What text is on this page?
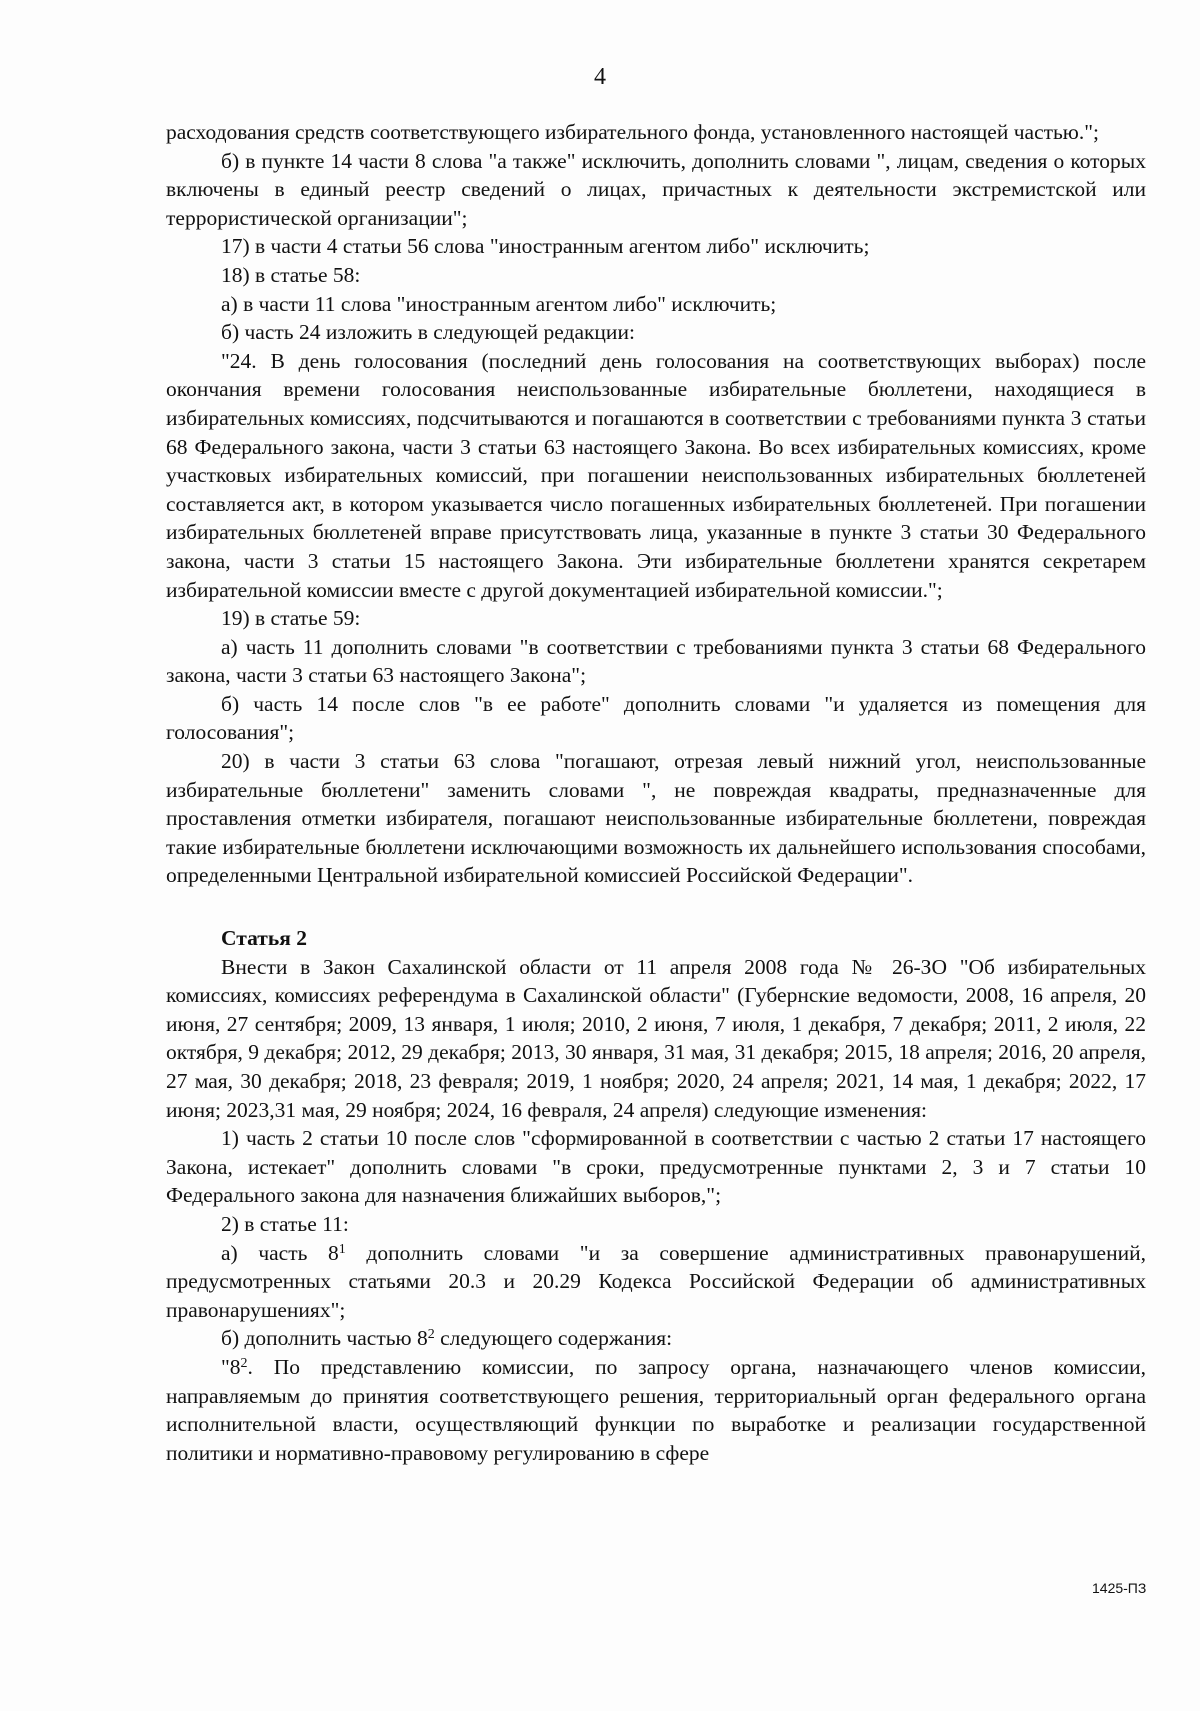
4

расходования средств соответствующего избирательного фонда, установленного настоящей частью.";

б) в пункте 14 части 8 слова "а также" исключить, дополнить словами ", лицам, сведения о которых включены в единый реестр сведений о лицах, причастных к деятельности экстремистской или террористической организации";

17) в части 4 статьи 56 слова "иностранным агентом либо" исключить;

18) в статье 58:

а) в части 11 слова "иностранным агентом либо" исключить;

б) часть 24 изложить в следующей редакции:

"24. В день голосования (последний день голосования на соответствующих выборах) после окончания времени голосования неиспользованные избирательные бюллетени, находящиеся в избирательных комиссиях, подсчитываются и погашаются в соответствии с требованиями пункта 3 статьи 68 Федерального закона, части 3 статьи 63 настоящего Закона. Во всех избирательных комиссиях, кроме участковых избирательных комиссий, при погашении неиспользованных избирательных бюллетеней составляется акт, в котором указывается число погашенных избирательных бюллетеней. При погашении избирательных бюллетеней вправе присутствовать лица, указанные в пункте 3 статьи 30 Федерального закона, части 3 статьи 15 настоящего Закона. Эти избирательные бюллетени хранятся секретарем избирательной комиссии вместе с другой документацией избирательной комиссии.";

19) в статье 59:

а) часть 11 дополнить словами "в соответствии с требованиями пункта 3 статьи 68 Федерального закона, части 3 статьи 63 настоящего Закона";

б) часть 14 после слов "в ее работе" дополнить словами "и удаляется из помещения для голосования";

20) в части 3 статьи 63 слова "погашают, отрезая левый нижний угол, неиспользованные избирательные бюллетени" заменить словами ", не повреждая квадраты, предназначенные для проставления отметки избирателя, погашают неиспользованные избирательные бюллетени, повреждая такие избирательные бюллетени исключающими возможность их дальнейшего использования способами, определенными Центральной избирательной комиссией Российской Федерации".

Статья 2

Внести в Закон Сахалинской области от 11 апреля 2008 года № 26-ЗО "Об избирательных комиссиях, комиссиях референдума в Сахалинской области" (Губернские ведомости, 2008, 16 апреля, 20 июня, 27 сентября; 2009, 13 января, 1 июля; 2010, 2 июня, 7 июля, 1 декабря, 7 декабря; 2011, 2 июля, 22 октября, 9 декабря; 2012, 29 декабря; 2013, 30 января, 31 мая, 31 декабря; 2015, 18 апреля; 2016, 20 апреля, 27 мая, 30 декабря; 2018, 23 февраля; 2019, 1 ноября; 2020, 24 апреля; 2021, 14 мая, 1 декабря; 2022, 17 июня; 2023,31 мая, 29 ноября; 2024, 16 февраля, 24 апреля) следующие изменения:

1) часть 2 статьи 10 после слов "сформированной в соответствии с частью 2 статьи 17 настоящего Закона, истекает" дополнить словами "в сроки, предусмотренные пунктами 2, 3 и 7 статьи 10 Федерального закона для назначения ближайших выборов,";

2) в статье 11:

а) часть $8^1$ дополнить словами "и за совершение административных правонарушений, предусмотренных статьями 20.3 и 20.29 Кодекса Российской Федерации об административных правонарушениях";

б) дополнить частью $8^2$ следующего содержания:

"$8^2$. По представлению комиссии, по запросу органа, назначающего членов комиссии, направляемым до принятия соответствующего решения, территориальный орган федерального органа исполнительной власти, осуществляющий функции по выработке и реализации государственной политики и нормативно-правовому регулированию в сфере

1425-ПЗ
